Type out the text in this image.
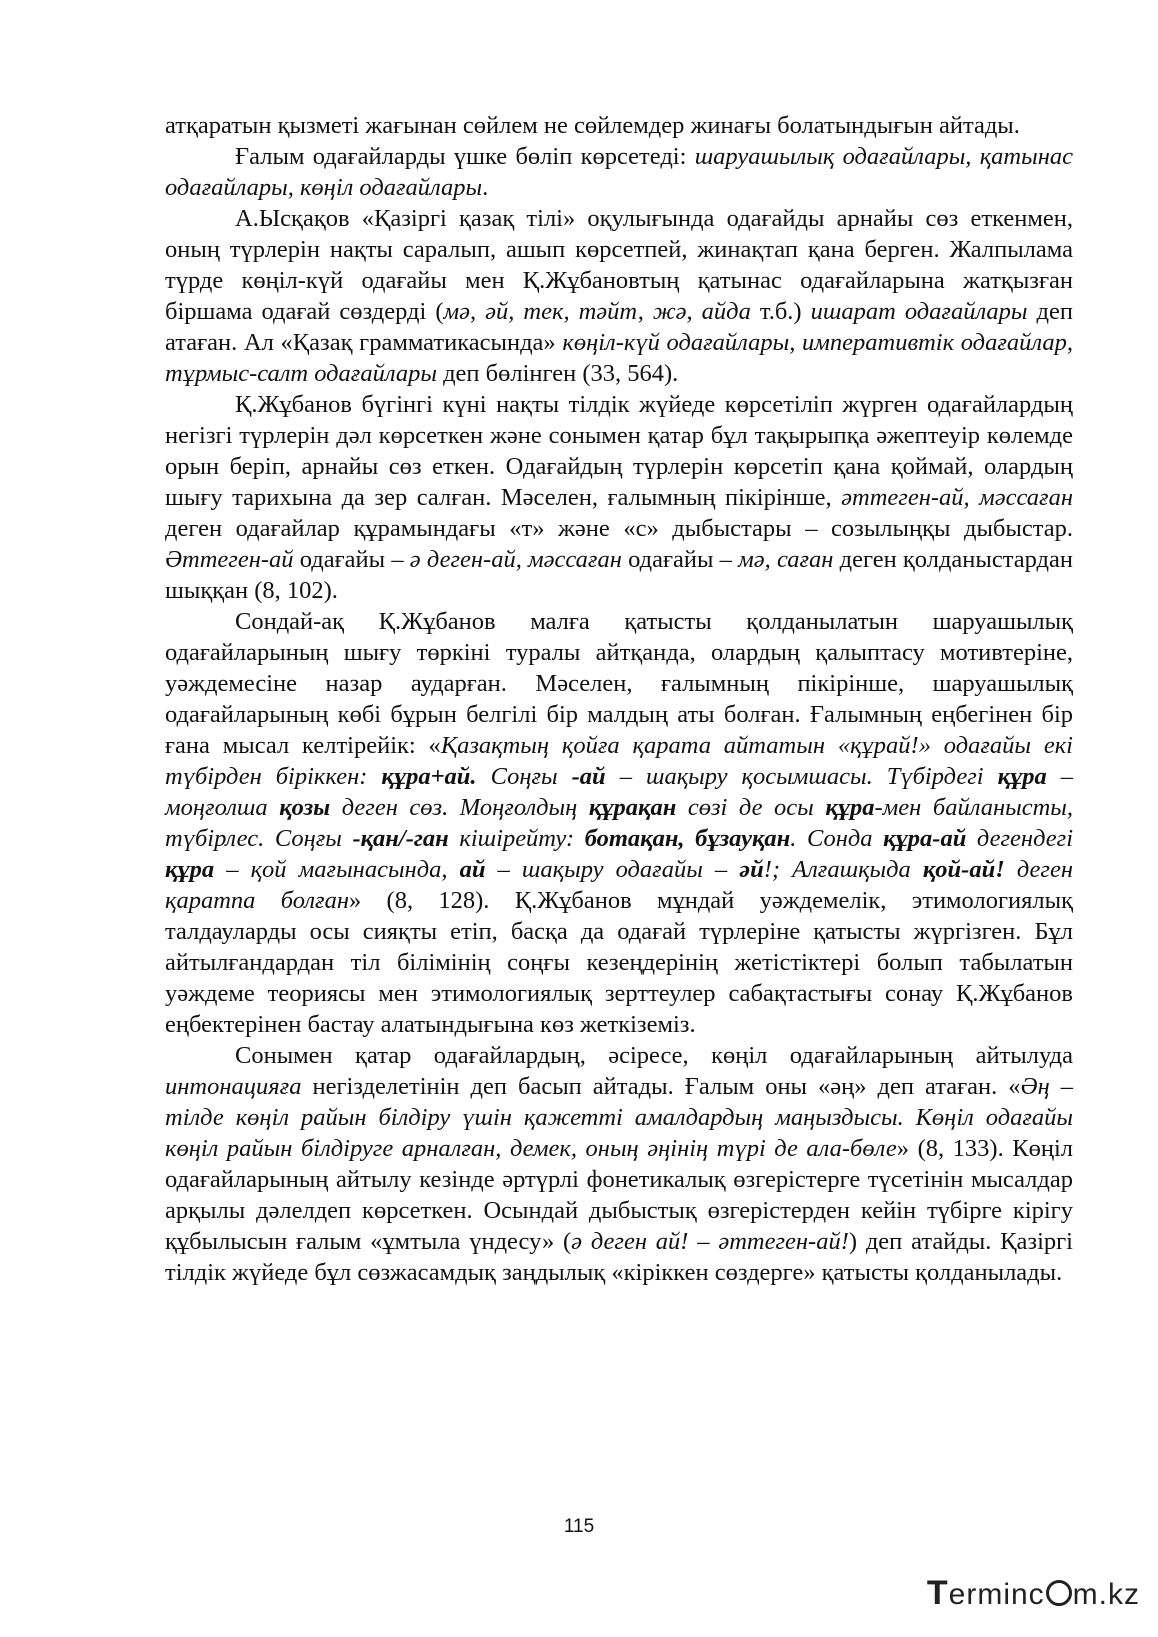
атқаратын қызметі жағынан сөйлем не сөйлемдер жинағы болатындығын айтады.

Ғалым одағайларды үшке бөліп көрсетеді: шаруашылық одағайлары, қатынас одағайлары, көңіл одағайлары.

А.Ысқақов «Қазіргі қазақ тілі» оқулығында одағайды арнайы сөз еткенмен, оның түрлерін нақты саралып, ашып көрсетпей, жинақтап қана берген. Жалпылама түрде көңіл-күй одағайы мен Қ.Жұбановтың қатынас одағайларына жатқызған біршама одағай сөздерді (мә, әй, тек, тәйт, жә, айда т.б.) ишарат одағайлары деп атаған. Ал «Қазақ грамматикасында» көңіл-күй одағайлары, императивтік одағайлар, тұрмыс-салт одағайлары деп бөлінген (33, 564).

Қ.Жұбанов бүгінгі күні нақты тілдік жүйеде көрсетіліп жүрген одағайлардың негізгі түрлерін дәл көрсеткен және сонымен қатар бұл тақырыпқа әжептеуір көлемде орын беріп, арнайы сөз еткен. Одағайдың түрлерін көрсетіп қана қоймай, олардың шығу тарихына да зер салған. Мәселен, ғалымның пікірінше, әттеген-ай, мәссаған деген одағайлар құрамындағы «т» және «с» дыбыстары – созылыңқы дыбыстар. Әттеген-ай одағайы – ә деген-ай, мәссаған одағайы – мә, саған деген қолданыстардан шыққан (8, 102).

Сондай-ақ Қ.Жұбанов малға қатысты қолданылатын шаруашылық одағайларының шығу төркіні туралы айтқанда, олардың қалыптасу мотивтеріне, уәждемесіне назар аударған. Мәселен, ғалымның пікірінше, шаруашылық одағайларының көбі бұрын белгілі бір малдың аты болған. Ғалымның еңбегінен бір ғана мысал келтірейік: «Қазақтың қойға қарата айтатын «құрай!» одағайы екі түбірден біріккен: құра+ай. Соңғы -ай – шақыру қосымшасы. Түбірдегі құра – моңғолша қозы деген сөз. Моңғолдың құрақан сөзі де осы құра-мен байланысты, түбірлес. Соңғы -қан/-ган кішірейту: ботақан, бұзауқан. Сонда құра-ай дегендегі құра – қой мағынасында, ай – шақыру одағайы – әй!; Алғашқыда қой-ай! деген қаратпа болған» (8, 128). Қ.Жұбанов мұндай уәждемелік, этимологиялық талдауларды осы сияқты етіп, басқа да одағай түрлеріне қатысты жүргізген. Бұл айтылғандардан тіл білімінің соңғы кезеңдерінің жетістіктері болып табылатын уәждеме теориясы мен этимологиялық зерттеулер сабақтастығы сонау Қ.Жұбанов еңбектерінен бастау алатындығына көз жеткіземіз.

Сонымен қатар одағайлардың, әсіресе, көңіл одағайларының айтылуда интонацияға негізделетінін деп басып айтады. Ғалым оны «әң» деп атаған. «Әң – тілде көңіл райын білдіру үшін қажетті амалдардың маңыздысы. Көңіл одағайы көңіл райын білдіруге арналған, демек, оның әңінің түрі де ала-бөле» (8, 133). Көңіл одағайларының айтылу кезінде әртүрлі фонетикалық өзгерістерге түсетінін мысалдар арқылы дәлелдеп көрсеткен. Осындай дыбыстық өзгерістерден кейін түбірге кірігу құбылысын ғалым «ұмтыла үндесу» (ә деген ай! – әттеген-ай!) деп атайды. Қазіргі тілдік жүйеде бұл сөзжасамдық заңдылық «кіріккен сөздерге» қатысты қолданылады.

115
Terminc m.kz
